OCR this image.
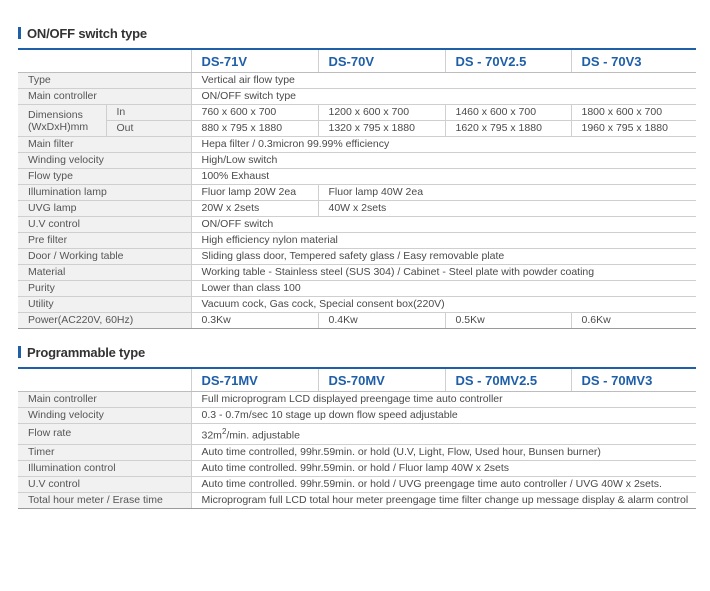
ON/OFF switch type
		DS-71V	DS-70V	DS - 70V2.5	DS - 70V3
Type		Vertical air flow type			
Main controller		ON/OFF switch type			
Dimensions (WxDxH)mm	In	760 x 600 x 700	1200 x 600 x 700	1460 x 600 x 700	1800 x 600 x 700
	Out	880 x 795 x 1880	1320 x 795 x 1880	1620 x 795 x 1880	1960 x 795 x 1880
Main filter		Hepa filter / 0.3micron 99.99% efficiency			
Winding velocity		High/Low switch			
Flow type		100% Exhaust			
Illumination lamp		Fluor lamp 20W 2ea	Fluor lamp 40W 2ea		
UVG lamp		20W x 2sets	40W x 2sets		
U.V control		ON/OFF switch			
Pre filter		High efficiency nylon material			
Door / Working table		Sliding glass door, Tempered safety glass / Easy removable plate			
Material		Working table - Stainless steel (SUS 304) / Cabinet - Steel plate with powder coating			
Purity		Lower than class 100			
Utility		Vacuum cock, Gas cock, Special consent box(220V)			
Power(AC220V, 60Hz)		0.3Kw	0.4Kw	0.5Kw	0.6Kw
Programmable type
	DS-71MV	DS-70MV	DS - 70MV2.5	DS - 70MV3
Main controller	Full microprogram LCD displayed preengage time auto controller			
Winding velocity	0.3 - 0.7m/sec 10 stage up down flow speed adjustable			
Flow rate	$32m^2/\min$. adjustable			
Timer	Auto time controlled, 99hr.59min. or hold (U.V, Light, Flow, Used hour, Bunsen burner)			
Illumination control	Auto time controlled. 99hr.59min. or hold / Fluor lamp 40W x 2sets			
U.V control	Auto time controlled. 99hr.59min. or hold / UVG preengage time auto controller / UVG 40W x 2sets.			
Total hour meter / Erase time	Microprogram full LCD total hour meter preengage time filter change up message display & alarm control			
